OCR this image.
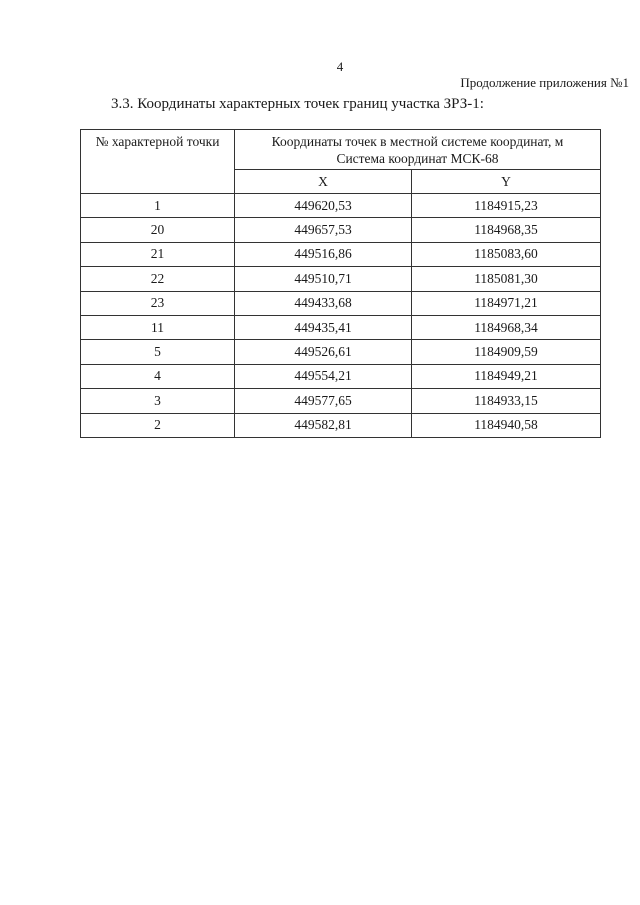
4
Продолжение приложения №1
3.3. Координаты характерных точек границ участка ЗРЗ-1:
№ характерной точки	Координаты точек в местной системе координат, м
Система координат МСК-68	

	X	Y
1	449620,53	1184915,23
20	449657,53	1184968,35
21	449516,86	1185083,60
22	449510,71	1185081,30
23	449433,68	1184971,21
11	449435,41	1184968,34
5	449526,61	1184909,59
4	449554,21	1184949,21
3	449577,65	1184933,15
2	449582,81	1184940,58
